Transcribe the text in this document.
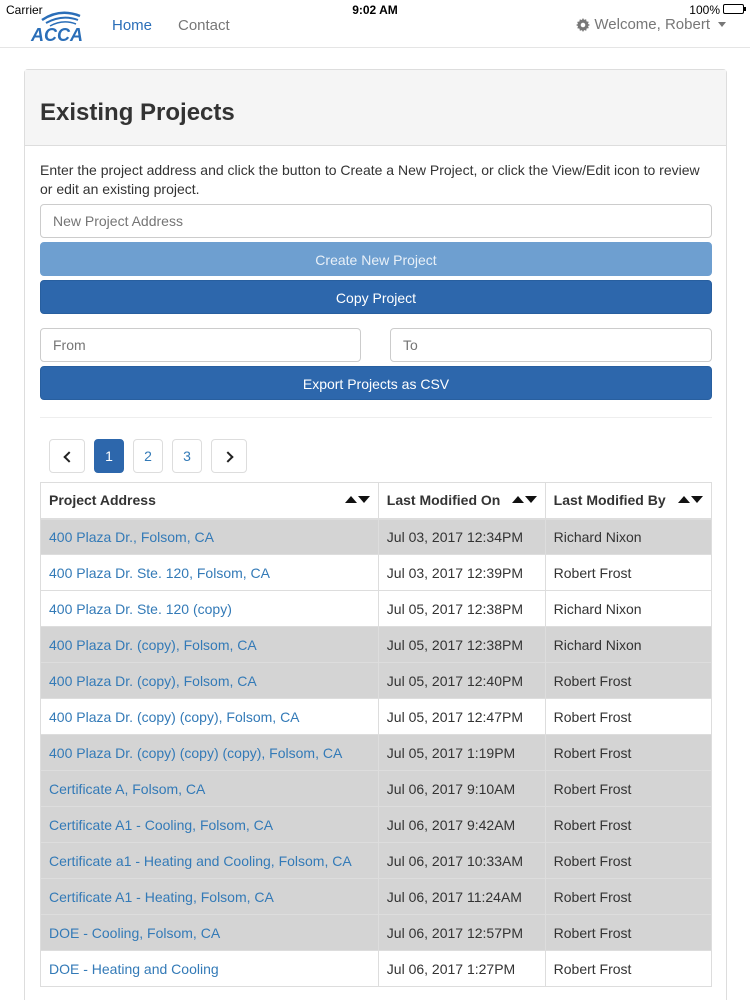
Carrier	9:02 AM	100%
ACCA Home Contact	Welcome, Robert
Existing Projects

Enter the project address and click the button to Create a New Project, or click the View/Edit icon to review or edit an existing project.

New Project Address
Create New Project
Copy Project
From
To
Export Projects as CSV
1	2	3
Project Address	Last Modified On	Last Modified By

400 Plaza Dr., Folsom, CA	Jul 03, 2017 12:34PM	Richard Nixon
400 Plaza Dr. Ste. 120, Folsom, CA	Jul 03, 2017 12:39PM	Robert Frost
400 Plaza Dr. Ste. 120 (copy)	Jul 05, 2017 12:38PM	Richard Nixon
400 Plaza Dr. (copy), Folsom, CA	Jul 05, 2017 12:38PM	Richard Nixon
400 Plaza Dr. (copy), Folsom, CA	Jul 05, 2017 12:40PM	Robert Frost
400 Plaza Dr. (copy) (copy), Folsom, CA	Jul 05, 2017 12:47PM	Robert Frost
400 Plaza Dr. (copy) (copy) (copy), Folsom, CA	Jul 05, 2017 1:19PM	Robert Frost
Certificate A, Folsom, CA	Jul 06, 2017 9:10AM	Robert Frost
Certificate A1 - Cooling, Folsom, CA	Jul 06, 2017 9:42AM	Robert Frost
Certificate a1 - Heating and Cooling, Folsom, CA	Jul 06, 2017 10:33AM	Robert Frost
Certificate A1 - Heating, Folsom, CA	Jul 06, 2017 11:24AM	Robert Frost
DOE - Cooling, Folsom, CA	Jul 06, 2017 12:57PM	Robert Frost
DOE - Heating and Cooling	Jul 06, 2017 1:27PM	Robert Frost
